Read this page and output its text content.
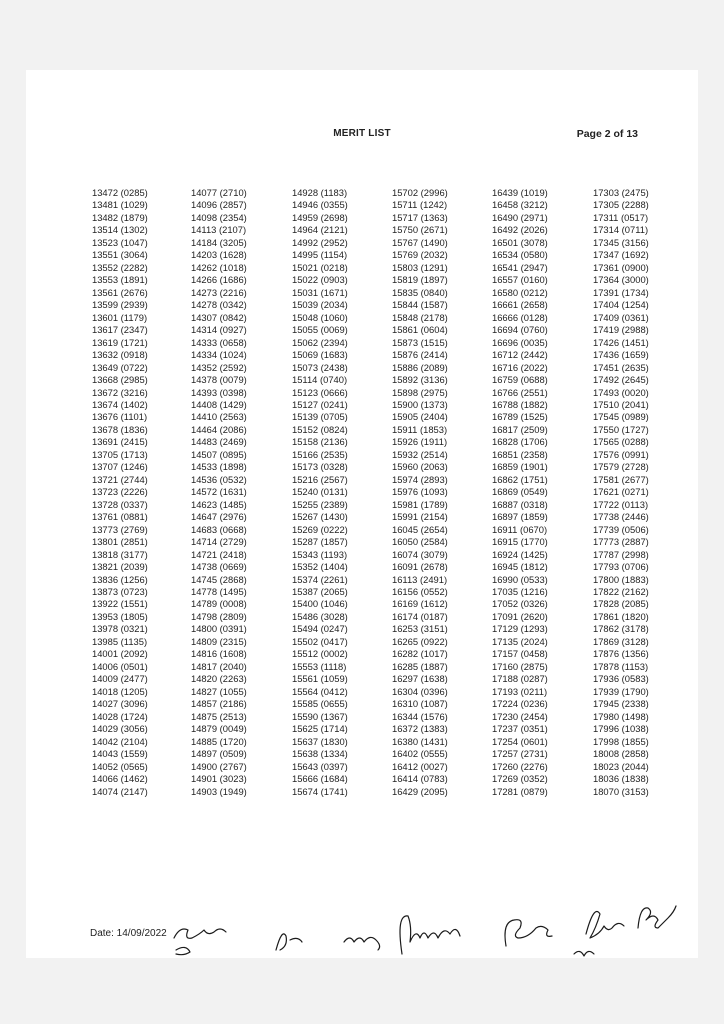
MERIT LIST	Page 2 of 13
13472 (0285)
13481 (1029)
13482 (1879)
13514 (1302)
13523 (1047)
13551 (3064)
13552 (2282)
13553 (1891)
13561 (2676)
13599 (2939)
13601 (1179)
13617 (2347)
13619 (1721)
13632 (0918)
13649 (0722)
13668 (2985)
13672 (3216)
13674 (1402)
13676 (1101)
13678 (1836)
13691 (2415)
13705 (1713)
13707 (1246)
13721 (2744)
13723 (2226)
13728 (0337)
13761 (0881)
13773 (2769)
13801 (2851)
13818 (3177)
13821 (2039)
13836 (1256)
13873 (0723)
13922 (1551)
13953 (1805)
13978 (0321)
13985 (1135)
14001 (2092)
14006 (0501)
14009 (2477)
14018 (1205)
14027 (3096)
14028 (1724)
14029 (3056)
14042 (2104)
14043 (1559)
14052 (0565)
14066 (1462)
14074 (2147)
14077 (2710)
14096 (2857)
14098 (2354)
14113 (2107)
14184 (3205)
14203 (1628)
14262 (1018)
14266 (1686)
14273 (2216)
14278 (0342)
14307 (0842)
14314 (0927)
14333 (0658)
14334 (1024)
14352 (2592)
14378 (0079)
14393 (0398)
14408 (1429)
14410 (2563)
14464 (2086)
14483 (2469)
14507 (0895)
14533 (1898)
14536 (0532)
14572 (1631)
14623 (1485)
14647 (2976)
14683 (0668)
14714 (2729)
14721 (2418)
14738 (0669)
14745 (2868)
14778 (1495)
14789 (0008)
14798 (2809)
14800 (0391)
14809 (2315)
14816 (1608)
14817 (2040)
14820 (2263)
14827 (1055)
14857 (2186)
14875 (2513)
14879 (0049)
14885 (1720)
14897 (0509)
14900 (2767)
14901 (3023)
14903 (1949)
14928 (1183)
14946 (0355)
14959 (2698)
14964 (2121)
14992 (2952)
14995 (1154)
15021 (0218)
15022 (0903)
15031 (1671)
15039 (2034)
15048 (1060)
15055 (0069)
15062 (2394)
15069 (1683)
15073 (2438)
15114 (0740)
15123 (0666)
15127 (0241)
15139 (0705)
15152 (0824)
15158 (2136)
15166 (2535)
15173 (0328)
15216 (2567)
15240 (0131)
15255 (2389)
15267 (1430)
15269 (0222)
15287 (1857)
15343 (1193)
15352 (1404)
15374 (2261)
15387 (2065)
15400 (1046)
15486 (3028)
15494 (0247)
15502 (0417)
15512 (0002)
15553 (1118)
15561 (1059)
15564 (0412)
15585 (0655)
15590 (1367)
15625 (1714)
15637 (1830)
15638 (1334)
15643 (0397)
15666 (1684)
15674 (1741)
15702 (2996)
15711 (1242)
15717 (1363)
15750 (2671)
15767 (1490)
15769 (2032)
15803 (1291)
15819 (1897)
15835 (0840)
15844 (1587)
15848 (2178)
15861 (0604)
15873 (1515)
15876 (2414)
15886 (2089)
15892 (3136)
15898 (2975)
15900 (1373)
15905 (2404)
15911 (1853)
15926 (1911)
15932 (2514)
15960 (2063)
15974 (2893)
15976 (1093)
15981 (1789)
15991 (2154)
16045 (2654)
16050 (2584)
16074 (3079)
16091 (2678)
16113 (2491)
16156 (0552)
16169 (1612)
16174 (0187)
16253 (3151)
16265 (0922)
16282 (1017)
16285 (1887)
16297 (1638)
16304 (0396)
16310 (1087)
16344 (1576)
16372 (1383)
16380 (1431)
16402 (0555)
16412 (0027)
16414 (0783)
16429 (2095)
16439 (1019)
16458 (3212)
16490 (2971)
16492 (2026)
16501 (3078)
16534 (0580)
16541 (2947)
16557 (0160)
16580 (0212)
16661 (2658)
16666 (0128)
16694 (0760)
16696 (0035)
16712 (2442)
16716 (2022)
16759 (0688)
16766 (2551)
16788 (1882)
16789 (1525)
16817 (2509)
16828 (1706)
16851 (2358)
16859 (1901)
16862 (1751)
16869 (0549)
16887 (0318)
16897 (1859)
16911 (0670)
16915 (1770)
16924 (1425)
16945 (1812)
16990 (0533)
17035 (1216)
17052 (0326)
17091 (2620)
17129 (1293)
17135 (2024)
17157 (0458)
17160 (2875)
17188 (0287)
17193 (0211)
17224 (0236)
17230 (2454)
17237 (0351)
17254 (0601)
17257 (2731)
17260 (2276)
17269 (0352)
17281 (0879)
17303 (2475)
17305 (2288)
17311 (0517)
17314 (0711)
17345 (3156)
17347 (1692)
17361 (0900)
17364 (3000)
17391 (1734)
17404 (1254)
17409 (0361)
17419 (2988)
17426 (1451)
17436 (1659)
17451 (2635)
17492 (2645)
17493 (0020)
17510 (2041)
17545 (0989)
17550 (1727)
17565 (0288)
17576 (0991)
17579 (2728)
17581 (2677)
17621 (0271)
17722 (0113)
17738 (2446)
17739 (0506)
17773 (2887)
17787 (2998)
17793 (0706)
17800 (1883)
17822 (2162)
17828 (2085)
17861 (1820)
17862 (3178)
17869 (3128)
17876 (1356)
17878 (1153)
17936 (0583)
17939 (1790)
17945 (2338)
17980 (1498)
17996 (1038)
17998 (1855)
18008 (2858)
18023 (2044)
18036 (1838)
18070 (3153)
Date: 14/09/2022
